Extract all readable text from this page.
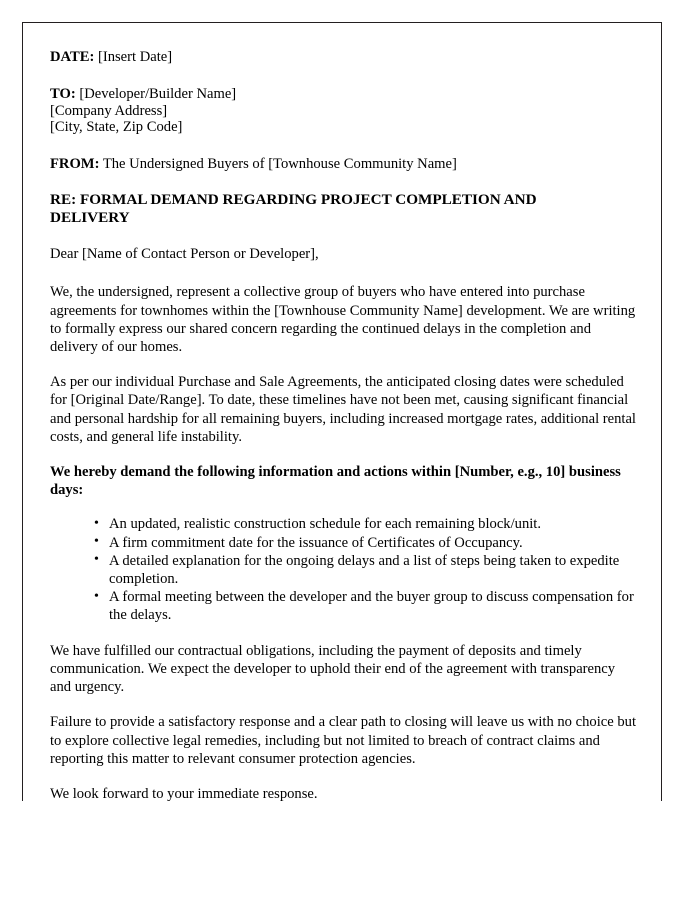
DATE: [Insert Date]
TO: [Developer/Builder Name]
[Company Address]
[City, State, Zip Code]
FROM: The Undersigned Buyers of [Townhouse Community Name]
RE: FORMAL DEMAND REGARDING PROJECT COMPLETION AND DELIVERY
Dear [Name of Contact Person or Developer],
We, the undersigned, represent a collective group of buyers who have entered into purchase agreements for townhomes within the [Townhouse Community Name] development. We are writing to formally express our shared concern regarding the continued delays in the completion and delivery of our homes.
As per our individual Purchase and Sale Agreements, the anticipated closing dates were scheduled for [Original Date/Range]. To date, these timelines have not been met, causing significant financial and personal hardship for all remaining buyers, including increased mortgage rates, additional rental costs, and general life instability.
We hereby demand the following information and actions within [Number, e.g., 10] business days:
• An updated, realistic construction schedule for each remaining block/unit.
• A firm commitment date for the issuance of Certificates of Occupancy.
• A detailed explanation for the ongoing delays and a list of steps being taken to expedite completion.
• A formal meeting between the developer and the buyer group to discuss compensation for the delays.
We have fulfilled our contractual obligations, including the payment of deposits and timely communication. We expect the developer to uphold their end of the agreement with transparency and urgency.
Failure to provide a satisfactory response and a clear path to closing will leave us with no choice but to explore collective legal remedies, including but not limited to breach of contract claims and reporting this matter to relevant consumer protection agencies.
We look forward to your immediate response.
